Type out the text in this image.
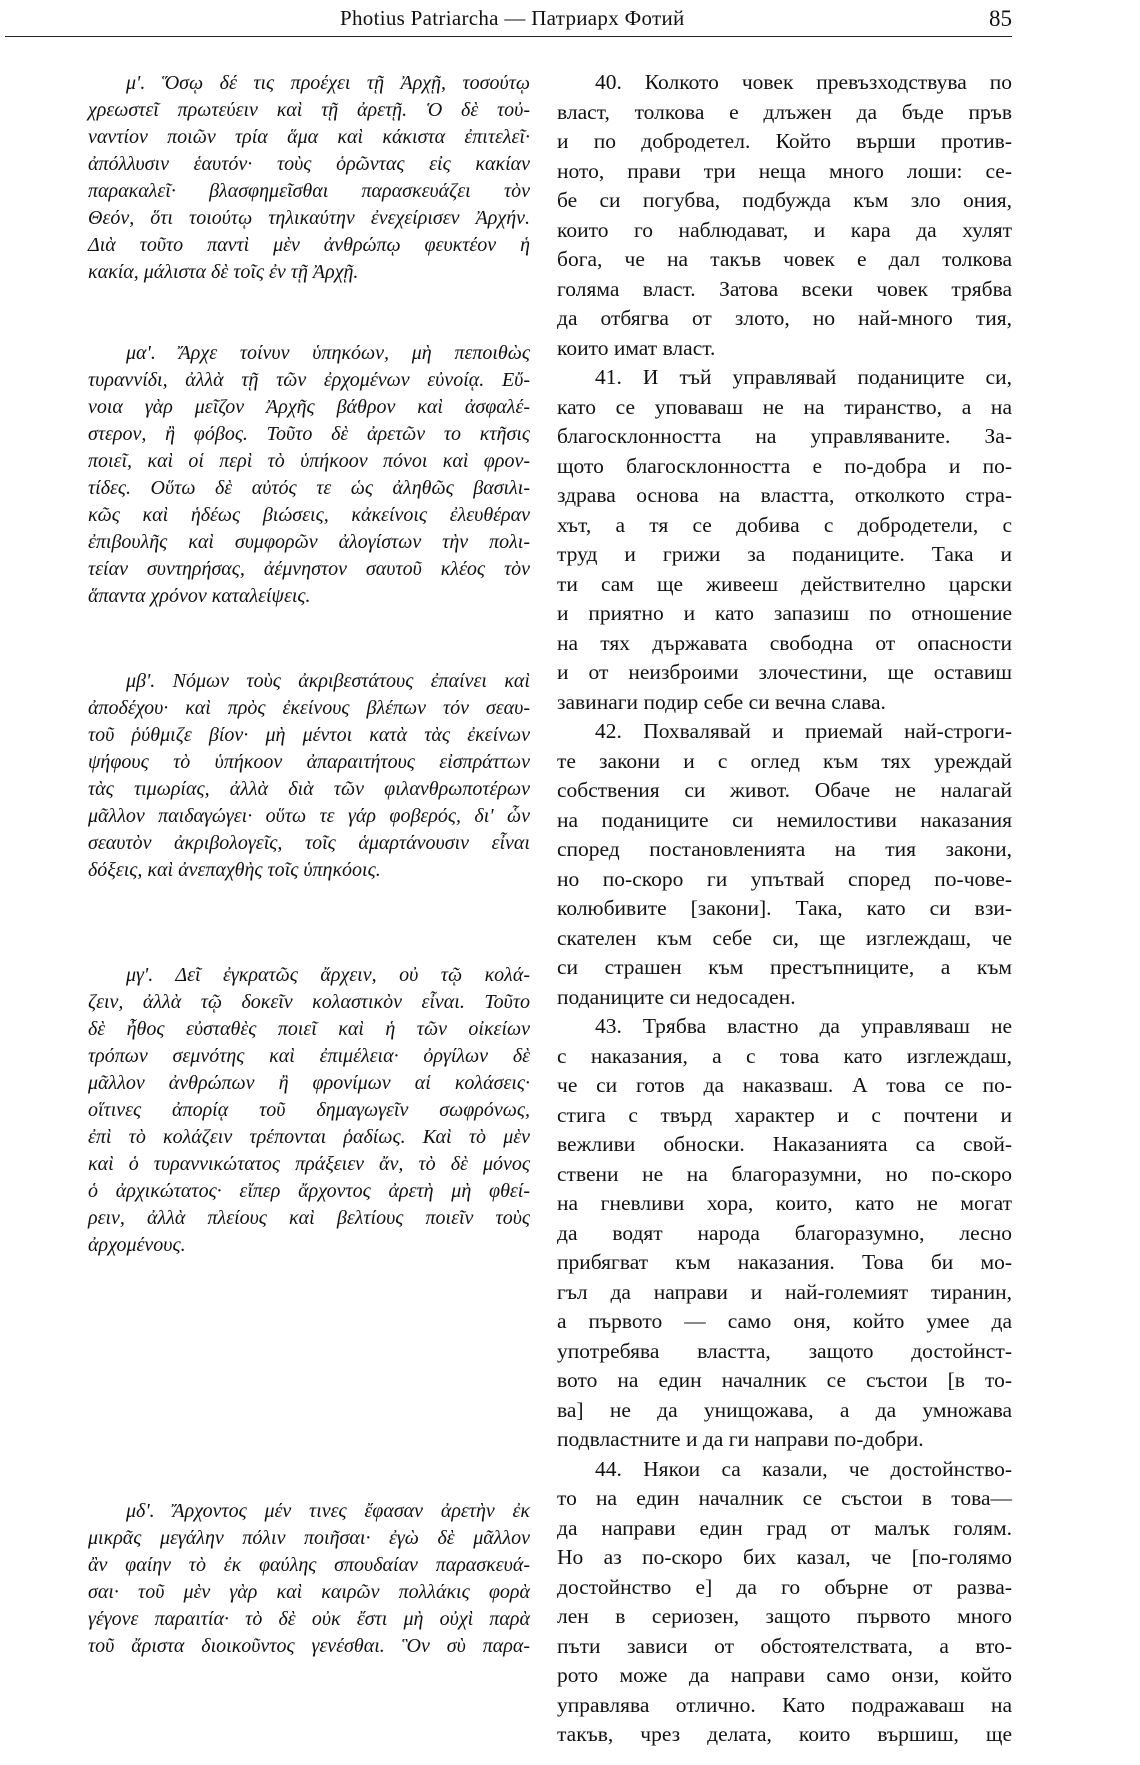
Photius Patriarcha — Патриарх Фотий	85
μ'. Ὅσῳ δέ τις προέχει τῇ Ἀρχῇ, τοσούτῳ
χρεωστεῖ πρωτεύειν καὶ τῇ ἀρετῇ. Ὁ δὲ τοὐ-
ναντίον ποιῶν τρία ἅμα καὶ κάκιστα ἐπιτελεῖ·
ἀπόλλυσιν ἑαυτόν· τοὺς ὁρῶντας εἰς κακίαν
παρακαλεῖ· βλασφημεῖσθαι παρασκευάζει τὸν
Θεόν, ὅτι τοιούτῳ τηλικαύτην ἐνεχείρισεν Ἀρχήν.
Διὰ τοῦτο παντὶ μὲν ἀνθρώπῳ φευκτέον ἡ
κακία, μάλιστα δὲ τοῖς ἐν τῇ Ἀρχῇ.
μα'. Ἄρχε τοίνυν ὑπηκόων, μὴ πεποιθὼς
τυραννίδι, ἀλλὰ τῇ τῶν ἐρχομένων εὐνοίᾳ. Εὔ-
νοια γὰρ μεῖζον Ἀρχῆς βάθρον καὶ ἀσφαλέ-
στερον, ἢ φόβος. Τοῦτο δὲ ἀρετῶν το κτῆσις
ποιεῖ, καὶ οἱ περὶ τὸ ὑπήκοον πόνοι καὶ φρον-
τίδες. Οὕτω δὲ αὐτός τε ὡς ἀληθῶς βασιλι-
κῶς καὶ ἡδέως βιώσεις, κἀκείνοις ἐλευθέραν
ἐπιβουλῆς καὶ συμφορῶν ἀλογίστων τὴν πολι-
τείαν συντηρήσας, ἀέμνηστον σαυτοῦ κλέος τὸν
ἅπαντα χρόνον καταλείψεις.
μβ'. Νόμων τοὺς ἀκριβεστάτους ἐπαίνει καὶ
ἀποδέχου· καὶ πρὸς ἐκείνους βλέπων τόν σεαυ-
τοῦ ῥύθμιζε βίον· μὴ μέντοι κατὰ τὰς ἐκείνων
ψήφους τὸ ὑπήκοον ἀπαραιτήτους εἰσπράττων
τὰς τιμωρίας, ἀλλὰ διὰ τῶν φιλανθρωποτέρων
μᾶλλον παιδαγώγει· οὕτω τε γάρ φοβερός, δι' ὧν
σεαυτὸν ἀκριβολογεῖς, τοῖς ἁμαρτάνουσιν εἶναι
δόξεις, καὶ ἀνεπαχθὴς τοῖς ὑπηκόοις.
μγ'. Δεῖ ἐγκρατῶς ἄρχειν, οὐ τῷ κολά-
ζειν, ἀλλὰ τῷ δοκεῖν κολαστικὸν εἶναι. Τοῦτο
δὲ ἦθος εὐσταθὲς ποιεῖ καὶ ἡ τῶν οἰκείων
τρόπων σεμνότης καὶ ἐπιμέλεια· ὀργίλων δὲ
μᾶλλον ἀνθρώπων ἢ φρονίμων αἱ κολάσεις·
οἵτινες ἀπορίᾳ τοῦ δημαγωγεῖν σωφρόνως,
ἐπὶ τὸ κολάζειν τρέπονται ῥαδίως. Καὶ τὸ μὲν
καὶ ὁ τυραννικώτατος πράξειεν ἄν, τὸ δὲ μόνος
ὁ ἀρχικώτατος· εἴπερ ἄρχοντος ἀρετὴ μὴ φθεί-
ρειν, ἀλλὰ πλείους καὶ βελτίους ποιεῖν τοὺς
ἀρχομένους.
μδ'. Ἄρχοντος μέν τινες ἔφασαν ἀρετὴν ἐκ
μικρᾶς μεγάλην πόλιν ποιῆσαι· ἐγὼ δὲ μᾶλλον
ἂν φαίην τὸ ἐκ φαύλης σπουδαίαν παρασκευά-
σαι· τοῦ μὲν γὰρ καὶ καιρῶν πολλάκις φορὰ
γέγονε παραιτία· τὸ δὲ οὐκ ἔστι μὴ οὐχὶ παρὰ
τοῦ ἄριστα διοικοῦντος γενέσθαι. Ὃν σὺ παρα-
40. Колкото човек превъзходствува по
власт, толкова е длъжен да бъде пръв
и по добродетел. Който върши против-
ното, прави три неща много лоши: се-
бе си погубва, подбужда към зло ония,
които го наблюдават, и кара да хулят
бога, че на такъв човек е дал толкова
голяма власт. Затова всеки човек трябва
да отбягва от злото, но най-много тия,
които имат власт.
41. И тъй управлявай поданиците си,
като се уповаваш не на тиранство, а на
благосклонността на управляваните. За-
щото благосклонността е по-добра и по-
здрава основа на властта, отколкото стра-
хът, а тя се добива с добродетели, с
труд и грижи за поданиците. Така и
ти сам ще живееш действително царски
и приятно и като запазиш по отношение
на тях държавата свободна от опасности
и от неизброими злочестини, ще оставиш
завинаги подир себе си вечна слава.
42. Похвалявай и приемай най-строги-
те закони и с оглед към тях уреждай
собствения си живот. Обаче не налагай
на поданиците си немилостиви наказания
според постановленията на тия закони,
но по-скоро ги упътвай според по-чове-
колюбивите [закони]. Така, като си взи-
скателен към себе си, ще изглеждаш, че
си страшен към престъпниците, а към
поданиците си недосаден.
43. Трябва властно да управляваш не
с наказания, а с това като изглеждаш,
че си готов да наказваш. А това се по-
стига с твърд характер и с почтени и
вежливи обноски. Наказанията са свой-
ствени не на благоразумни, но по-скоро
на гневливи хора, които, като не могат
да водят народа благоразумно, лесно
прибягват към наказания. Това би мо-
гъл да направи и най-големият тиранин,
а първото — само оня, който умее да
употребява властта, защото достойнст-
вото на един началник се състои [в то-
ва] не да унищожава, а да умножава
подвластните и да ги направи по-добри.
44. Някои са казали, че достойнство-
то на един началник се състои в това—
да направи един град от малък голям.
Но аз по-скоро бих казал, че [по-голямо
достойнство е] да го обърне от разва-
лен в сериозен, защото първото много
пъти зависи от обстоятелствата, а вто-
рото може да направи само онзи, който
управлява отлично. Като подражаваш на
такъв, чрез делата, които вършиш, ще
